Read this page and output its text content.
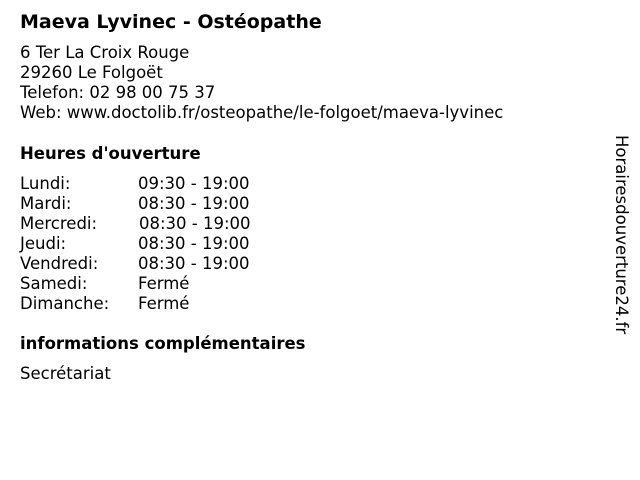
Maeva Lyvinec - Ostéopathe
6 Ter La Croix Rouge
29260 Le Folgoët
Telefon: 02 98 00 75 37
Web: www.doctolib.fr/osteopathe/le-folgoet/maeva-lyvinec
Heures d'ouverture
Lundi:	09:30 - 19:00
Mardi:	08:30 - 19:00
Mercredi:	08:30 - 19:00
Jeudi:	08:30 - 19:00
Vendredi: 08:30 - 19:00
Samedi:	Fermé
Dimanche: Fermé
informations complémentaires
Secrétariat
Horairesdouverture24.fr
